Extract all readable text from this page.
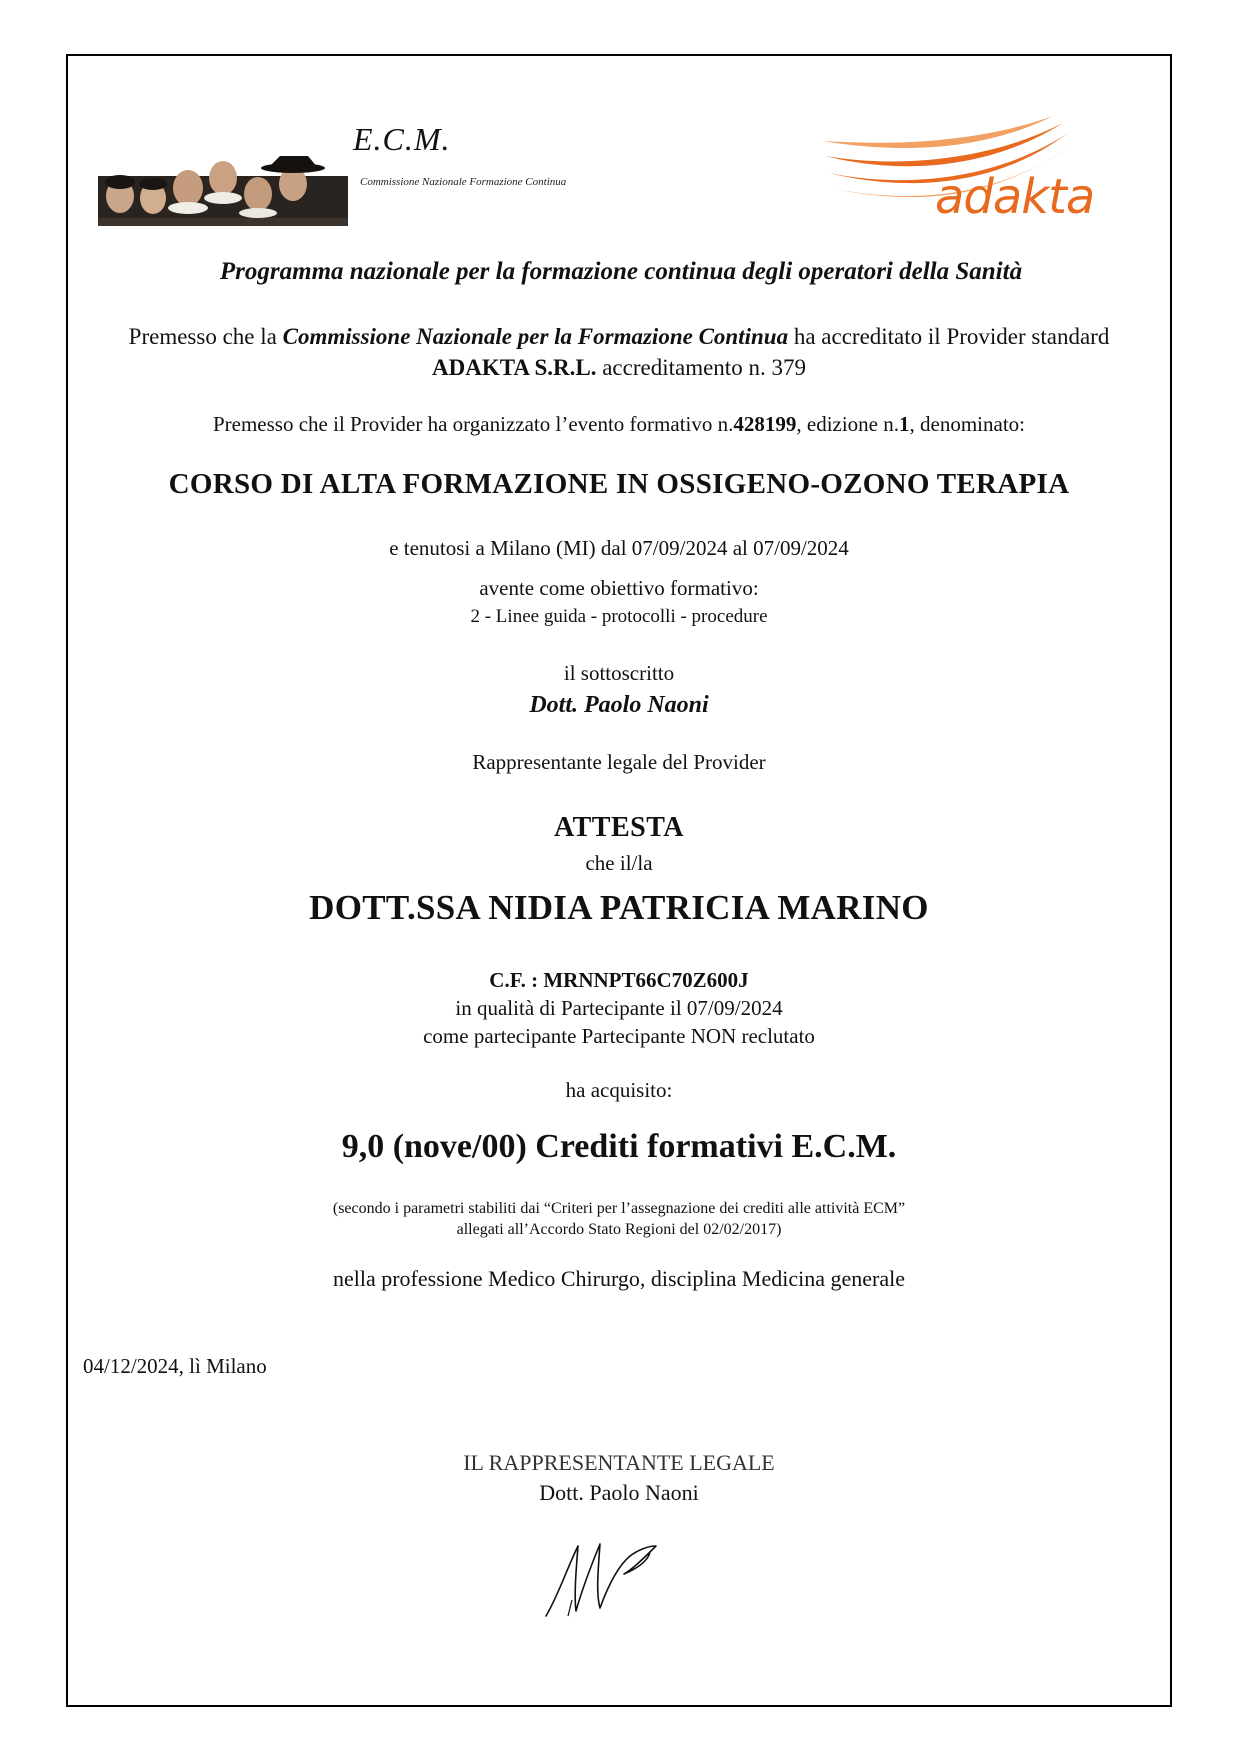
E.C.M.
Commissione Nazionale Formazione Continua	adakta
Programma nazionale per la formazione continua degli operatori della Sanità
Premesso che la Commissione Nazionale per la Formazione Continua ha accreditato il Provider standard
ADAKTA S.R.L. accreditamento n. 379
Premesso che il Provider ha organizzato l’evento formativo n.428199, edizione n.1, denominato:
CORSO DI ALTA FORMAZIONE IN OSSIGENO-OZONO TERAPIA
e tenutosi a Milano (MI) dal 07/09/2024 al 07/09/2024
avente come obiettivo formativo:
2 - Linee guida - protocolli - procedure
il sottoscritto
Dott. Paolo Naoni
Rappresentante legale del Provider
ATTESTA
che il/la
DOTT.SSA NIDIA PATRICIA MARINO
C.F. : MRNNPT66C70Z600J
in qualità di Partecipante il 07/09/2024
come partecipante Partecipante NON reclutato
ha acquisito:
9,0 (nove/00) Crediti formativi E.C.M.
(secondo i parametri stabiliti dai “Criteri per l’assegnazione dei crediti alle attività ECM”
allegati all’Accordo Stato Regioni del 02/02/2017)
nella professione Medico Chirurgo, disciplina Medicina generale
04/12/2024, lì Milano
IL RAPPRESENTANTE LEGALE
Dott. Paolo Naoni
